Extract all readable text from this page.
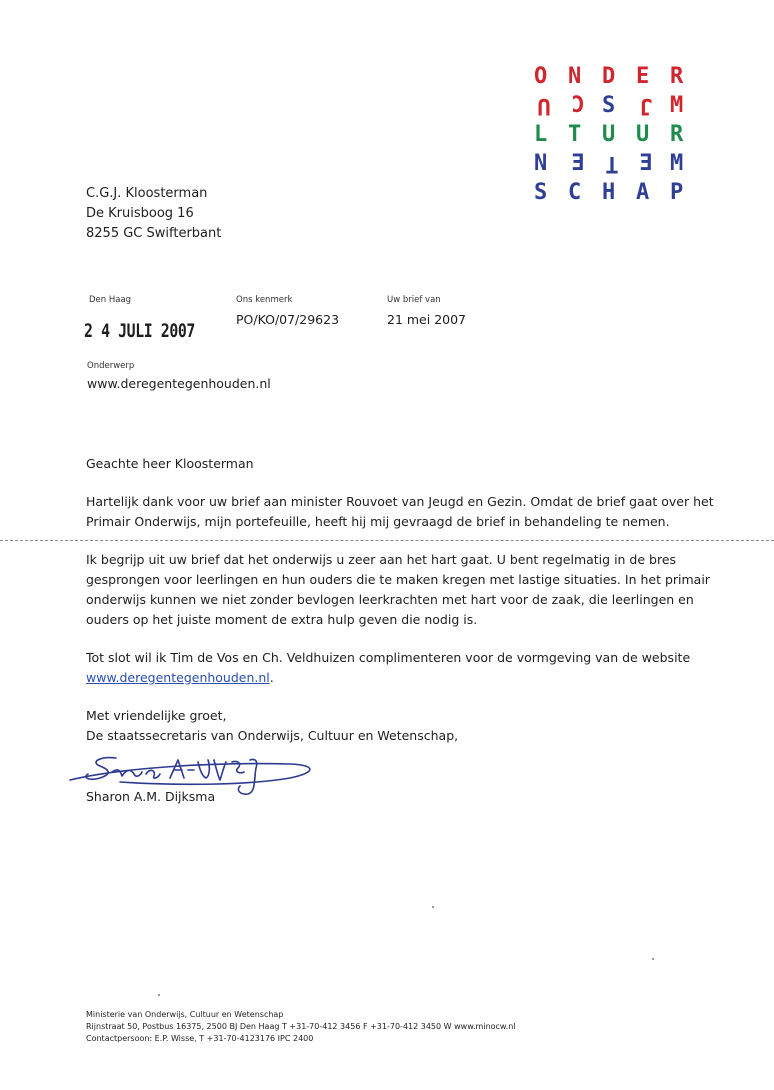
O N D E R
U C S	J M
L T U U R
N	E T E M
S C H A P
C.G.J. Kloosterman
De Kruisboog 16
8255 GC Swifterbant
Den Haag
2 4 JULI 2007
Ons kenmerk
PO/KO/07/29623
Uw brief van
21 mei 2007
Onderwerp
www.deregentegenhouden.nl
Geachte heer Kloosterman
Hartelijk dank voor uw brief aan minister Rouvoet van Jeugd en Gezin. Omdat de brief gaat over het
Primair Onderwijs, mijn portefeuille, heeft hij mij gevraagd de brief in behandeling te nemen.
Ik begrijp uit uw brief dat het onderwijs u zeer aan het hart gaat. U bent regelmatig in de bres
gesprongen voor leerlingen en hun ouders die te maken kregen met lastige situaties. In het primair
onderwijs kunnen we niet zonder bevlogen leerkrachten met hart voor de zaak, die leerlingen en
ouders op het juiste moment de extra hulp geven die nodig is.
Tot slot wil ik Tim de Vos en Ch. Veldhuizen complimenteren voor de vormgeving van de website
www.deregentegenhouden.nl.
Met vriendelijke groet,
De staatssecretaris van Onderwijs, Cultuur en Wetenschap,
Sharon A.M. Dijksma
Ministerie van Onderwijs, Cultuur en Wetenschap
Rijnstraat 50, Postbus 16375, 2500 BJ Den Haag T +31-70-412 3456 F +31-70-412 3450 W www.minocw.nl
Contactpersoon: E.P. Wisse, T +31-70-4123176 IPC 2400
